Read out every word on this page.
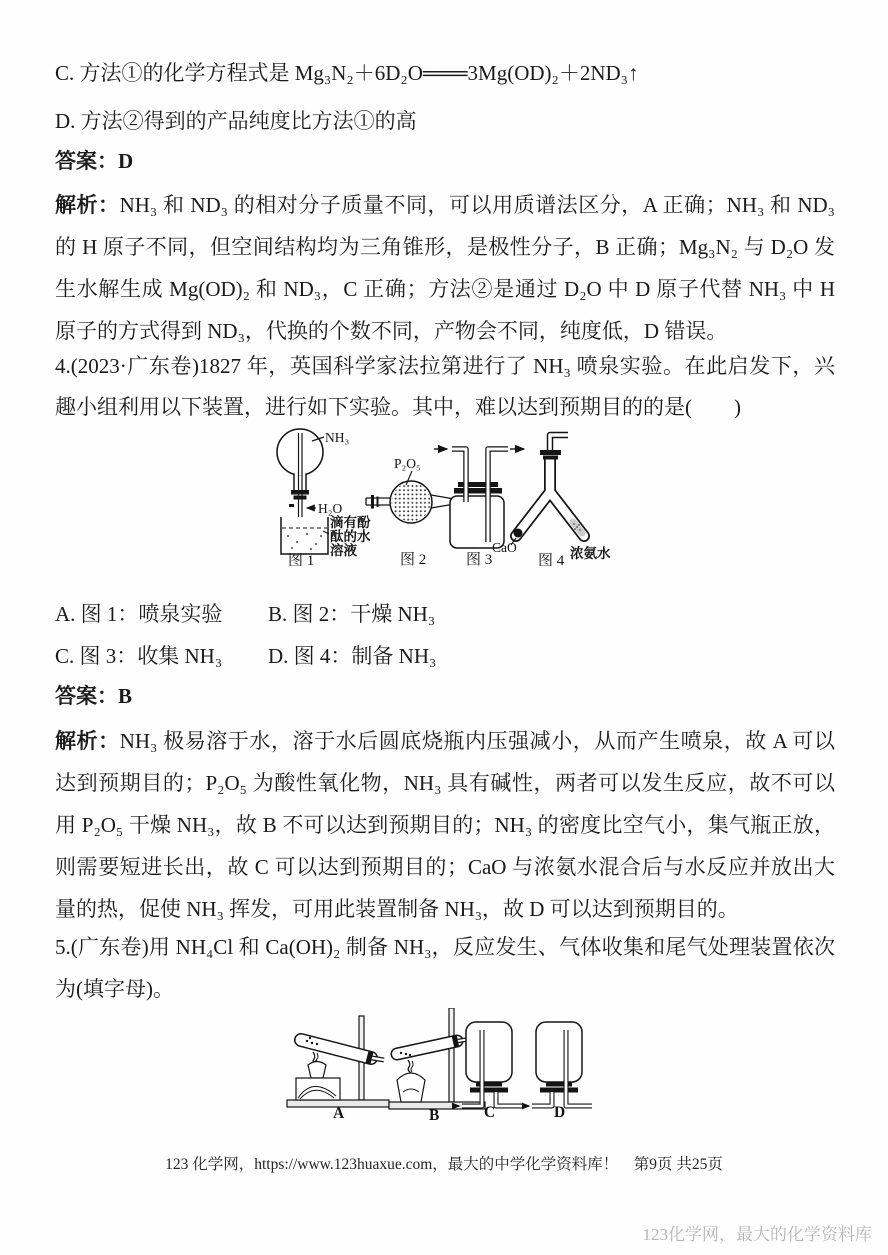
C. 方法①的化学方程式是 Mg₃N₂＋6D₂O═══3Mg(OD)₂＋2ND₃↑

D. 方法②得到的产品纯度比方法①的高

答案：D

解析：NH₃ 和 ND₃ 的相对分子质量不同，可以用质谱法区分，A 正确；NH₃ 和 ND₃ 的 H 原子不同，但空间结构均为三角锥形，是极性分子，B 正确；Mg₃N₂ 与 D₂O 发生水解生成 Mg(OD)₂ 和 ND₃，C 正确；方法②是通过 D₂O 中 D 原子代替 NH₃ 中 H 原子的方式得到 ND₃，代换的个数不同，产物会不同，纯度低，D 错误。

4.(2023·广东卷)1827 年，英国科学家法拉第进行了 NH₃ 喷泉实验。在此启发下，兴趣小组利用以下装置，进行如下实验。其中，难以达到预期目的的是(　　)

NH₃
H₂O
滴有酚
酞的水
溶液
图 1
P₂O₅
图 2	图 3
CaO	浓氨水
图 4

A. 图 1：喷泉实验 B. 图 2：干燥 NH₃

C. 图 3：收集 NH₃ D. 图 4：制备 NH₃

答案：B

解析：NH₃ 极易溶于水，溶于水后圆底烧瓶内压强减小，从而产生喷泉，故 A 可以达到预期目的；P₂O₅ 为酸性氧化物，NH₃ 具有碱性，两者可以发生反应，故不可以用 P₂O₅ 干燥 NH₃，故 B 不可以达到预期目的；NH₃ 的密度比空气小，集气瓶正放，则需要短进长出，故 C 可以达到预期目的；CaO 与浓氨水混合后与水反应并放出大量的热，促使 NH₃ 挥发，可用此装置制备 NH₃，故 D 可以达到预期目的。

5.(广东卷)用 NH₄Cl 和 Ca(OH)₂ 制备 NH₃，反应发生、气体收集和尾气处理装置依次为(填字母)。

A	B	C	D

123 化学网，https://www.123huaxue.com，最大的中学化学资料库！　第9页 共25页

123化学网，最大的化学资料库
